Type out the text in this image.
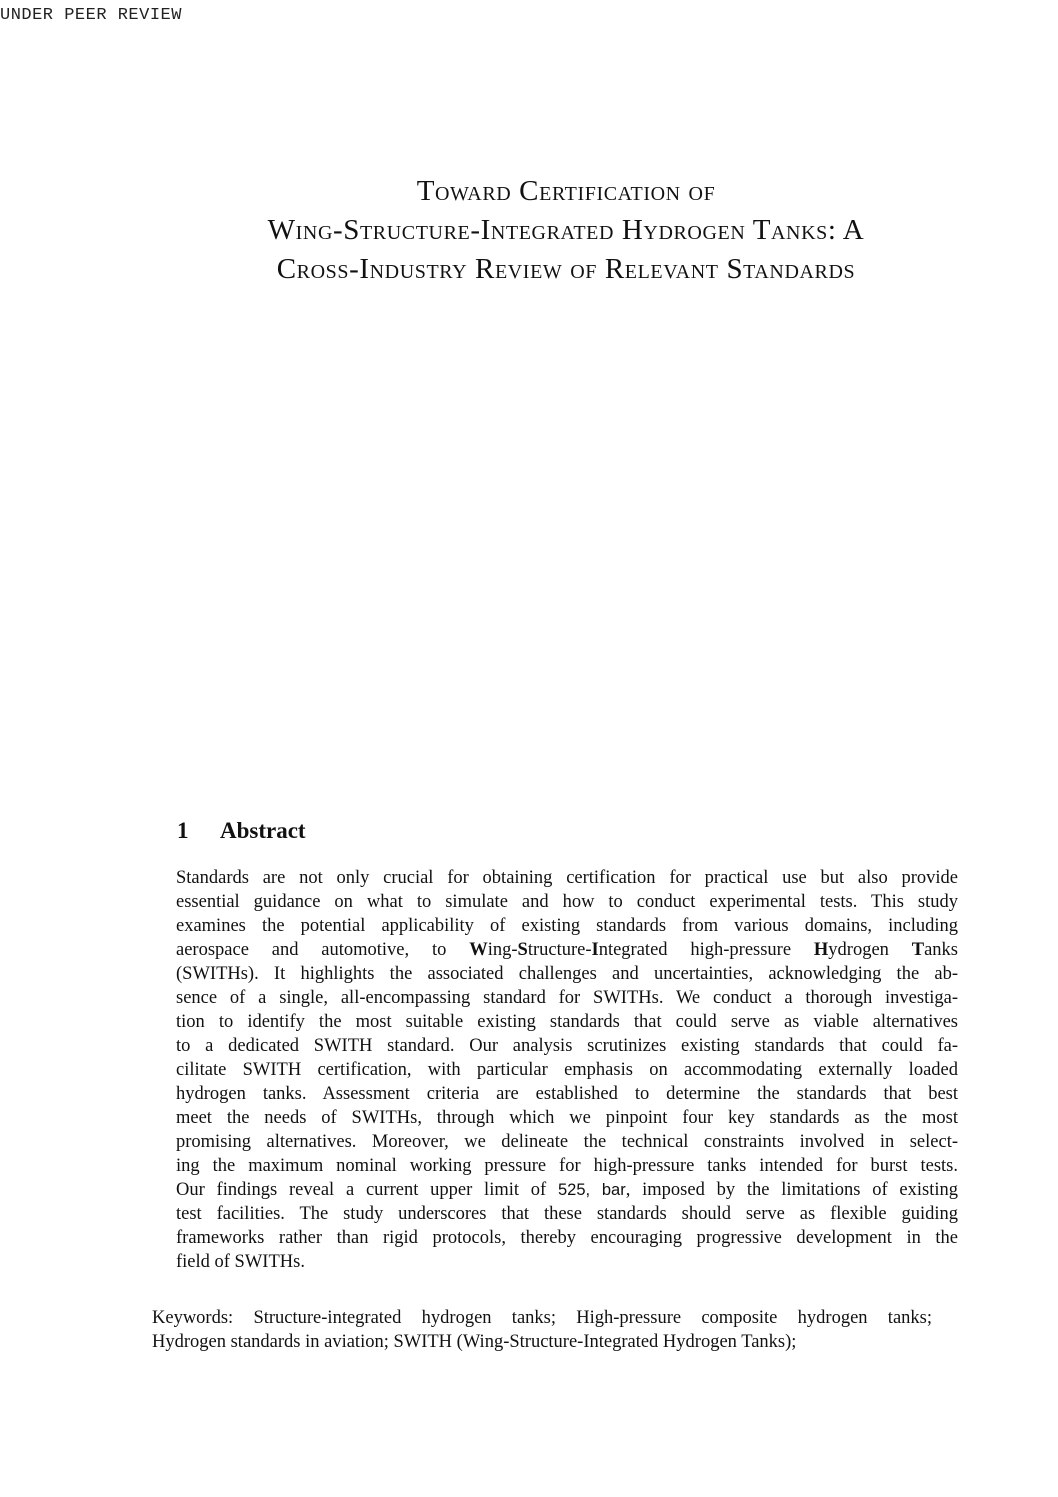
UNDER PEER REVIEW
Toward Certification of
Wing-Structure-Integrated Hydrogen Tanks: A
Cross-Industry Review of Relevant Standards
1 Abstract
Standards are not only crucial for obtaining certification for practical use but also provide
essential guidance on what to simulate and how to conduct experimental tests. This study
examines the potential applicability of existing standards from various domains, including
aerospace and automotive, to Wing-Structure-Integrated high-pressure Hydrogen Tanks
(SWITHs). It highlights the associated challenges and uncertainties, acknowledging the ab-
sence of a single, all-encompassing standard for SWITHs. We conduct a thorough investiga-
tion to identify the most suitable existing standards that could serve as viable alternatives
to a dedicated SWITH standard. Our analysis scrutinizes existing standards that could fa-
cilitate SWITH certification, with particular emphasis on accommodating externally loaded
hydrogen tanks. Assessment criteria are established to determine the standards that best
meet the needs of SWITHs, through which we pinpoint four key standards as the most
promising alternatives. Moreover, we delineate the technical constraints involved in select-
ing the maximum nominal working pressure for high-pressure tanks intended for burst tests.
Our findings reveal a current upper limit of 525, bar, imposed by the limitations of existing
test facilities. The study underscores that these standards should serve as flexible guiding
frameworks rather than rigid protocols, thereby encouraging progressive development in the
field of SWITHs.
Keywords: Structure-integrated hydrogen tanks; High-pressure composite hydrogen tanks;
Hydrogen standards in aviation; SWITH (Wing-Structure-Integrated Hydrogen Tanks);
